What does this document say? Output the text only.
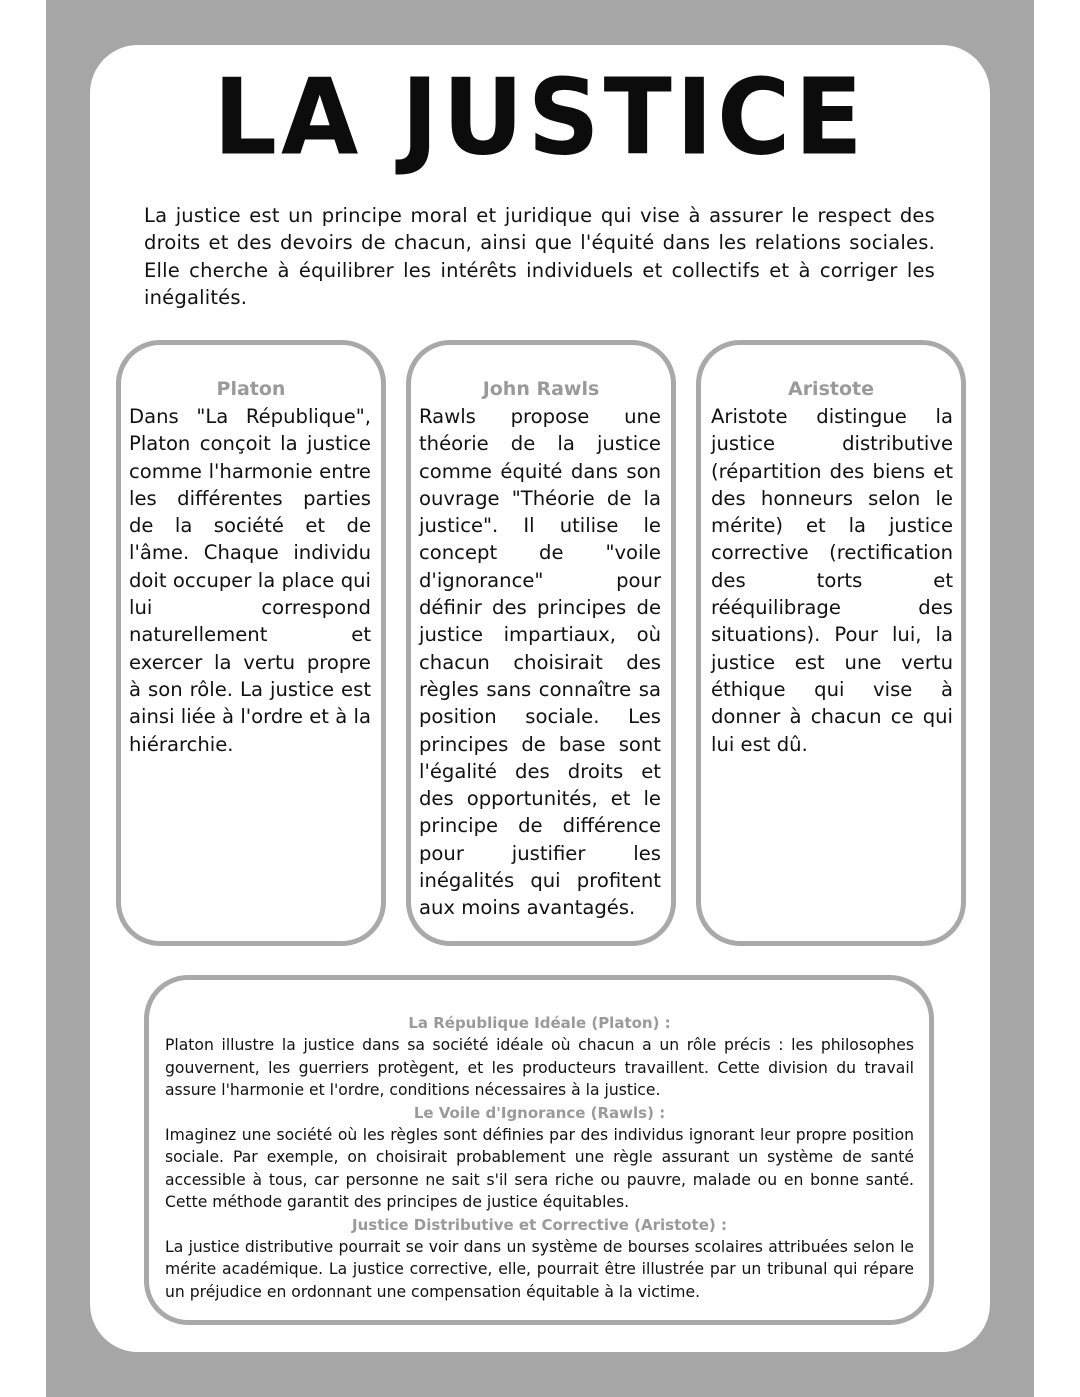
LA JUSTICE

La justice est un principe moral et juridique qui vise à assurer le respect des droits et des devoirs de chacun, ainsi que l'équité dans les relations sociales. Elle cherche à équilibrer les intérêts individuels et collectifs et à corriger les inégalités.

Platon

Dans "La République", Platon conçoit la justice comme l'harmonie entre les différentes parties de la société et de l'âme. Chaque individu doit occuper la place qui lui correspond naturellement et exercer la vertu propre à son rôle. La justice est ainsi liée à l'ordre et à la hiérarchie.

John Rawls

Rawls propose une théorie de la justice comme équité dans son ouvrage "Théorie de la justice". Il utilise le concept de "voile d'ignorance" pour définir des principes de justice impartiaux, où chacun choisirait des règles sans connaître sa position sociale. Les principes de base sont l'égalité des droits et des opportunités, et le principe de différence pour justifier les inégalités qui profitent aux moins avantagés.

Aristote

Aristote distingue la justice distributive (répartition des biens et des honneurs selon le mérite) et la justice corrective (rectification des torts et rééquilibrage des situations). Pour lui, la justice est une vertu éthique qui vise à donner à chacun ce qui lui est dû.

La République Idéale (Platon) :

Platon illustre la justice dans sa société idéale où chacun a un rôle précis : les philosophes gouvernent, les guerriers protègent, et les producteurs travaillent. Cette division du travail assure l'harmonie et l'ordre, conditions nécessaires à la justice.

Le Voile d'Ignorance (Rawls) :

Imaginez une société où les règles sont définies par des individus ignorant leur propre position sociale. Par exemple, on choisirait probablement une règle assurant un système de santé accessible à tous, car personne ne sait s'il sera riche ou pauvre, malade ou en bonne santé. Cette méthode garantit des principes de justice équitables.

Justice Distributive et Corrective (Aristote) :

La justice distributive pourrait se voir dans un système de bourses scolaires attribuées selon le mérite académique. La justice corrective, elle, pourrait être illustrée par un tribunal qui répare un préjudice en ordonnant une compensation équitable à la victime.
